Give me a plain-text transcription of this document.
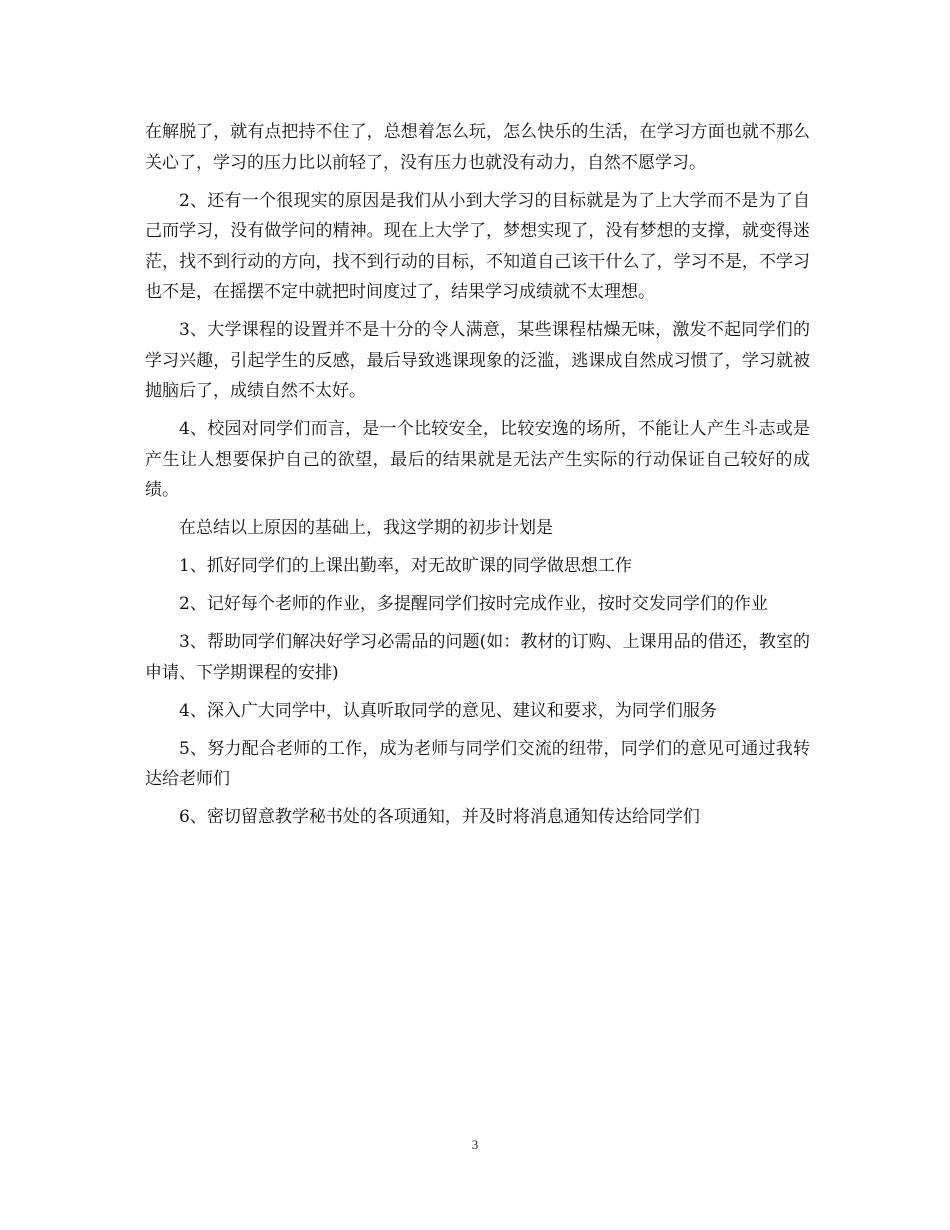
在解脱了，就有点把持不住了，总想着怎么玩，怎么快乐的生活，在学习方面也就不那么关心了，学习的压力比以前轻了，没有压力也就没有动力，自然不愿学习。

2、还有一个很现实的原因是我们从小到大学习的目标就是为了上大学而不是为了自己而学习，没有做学问的精神。现在上大学了，梦想实现了，没有梦想的支撑，就变得迷茫，找不到行动的方向，找不到行动的目标，不知道自己该干什么了，学习不是，不学习也不是，在摇摆不定中就把时间度过了，结果学习成绩就不太理想。

3、大学课程的设置并不是十分的令人满意，某些课程枯燥无味，激发不起同学们的学习兴趣，引起学生的反感，最后导致逃课现象的泛滥，逃课成自然成习惯了，学习就被抛脑后了，成绩自然不太好。

4、校园对同学们而言，是一个比较安全，比较安逸的场所，不能让人产生斗志或是产生让人想要保护自己的欲望，最后的结果就是无法产生实际的行动保证自己较好的成绩。

在总结以上原因的基础上，我这学期的初步计划是

1、抓好同学们的上课出勤率，对无故旷课的同学做思想工作

2、记好每个老师的作业，多提醒同学们按时完成作业，按时交发同学们的作业

3、帮助同学们解决好学习必需品的问题(如：教材的订购、上课用品的借还，教室的申请、下学期课程的安排)

4、深入广大同学中，认真听取同学的意见、建议和要求，为同学们服务

5、努力配合老师的工作，成为老师与同学们交流的纽带，同学们的意见可通过我转达给老师们

6、密切留意教学秘书处的各项通知，并及时将消息通知传达给同学们

3
